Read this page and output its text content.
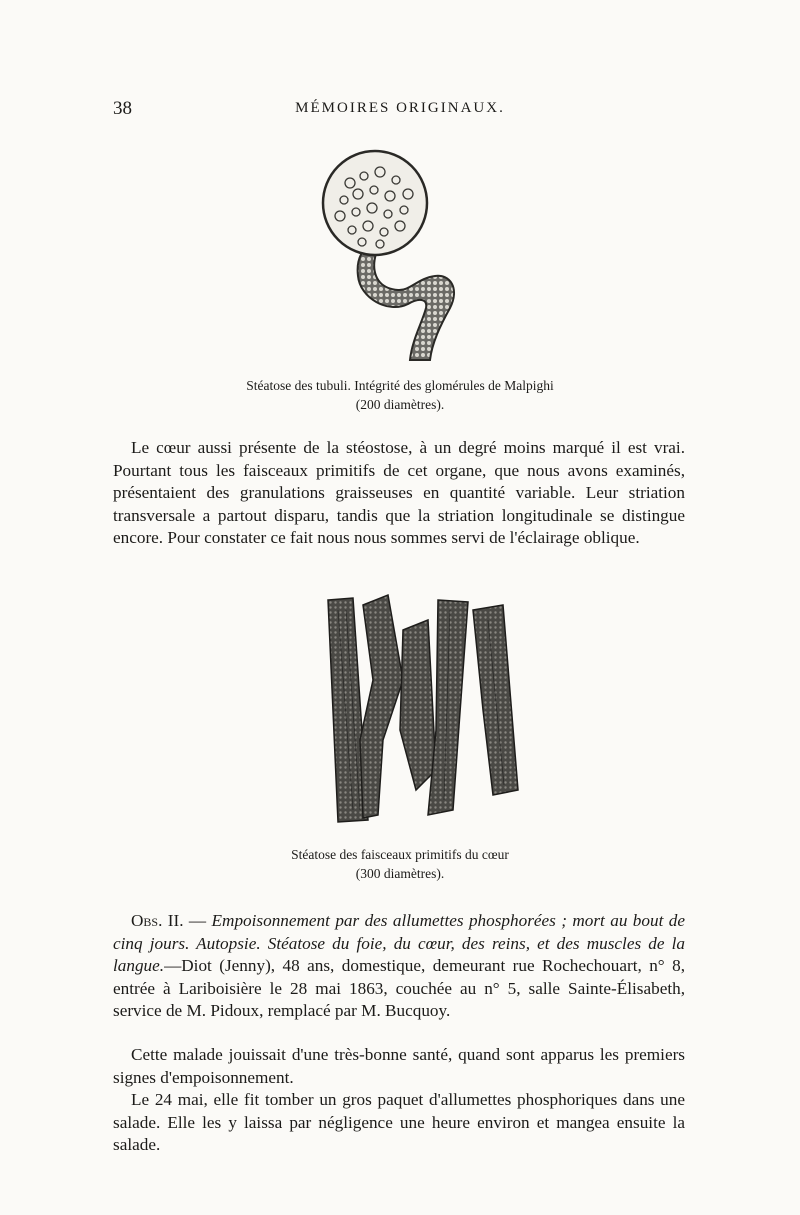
38	MÉMOIRES ORIGINAUX.
Stéatose des tubuli. Intégrité des glomérules de Malpighi
(200 diamètres).

Le cœur aussi présente de la stéostose, à un degré moins marqué il est vrai. Pourtant tous les faisceaux primitifs de cet organe, que nous avons examinés, présentaient des granulations graisseuses en quantité variable. Leur striation transversale a partout disparu, tandis que la striation longitudinale se distingue encore. Pour constater ce fait nous nous sommes servi de l'éclairage oblique.

Stéatose des faisceaux primitifs du cœur
(300 diamètres).

Obs. II. — Empoisonnement par des allumettes phosphorées ; mort au bout de cinq jours. Autopsie. Stéatose du foie, du cœur, des reins, et des muscles de la langue.—Diot (Jenny), 48 ans, domestique, demeurant rue Rochechouart, n° 8, entrée à Lariboisière le 28 mai 1863, couchée au n° 5, salle Sainte-Élisabeth, service de M. Pidoux, remplacé par M. Bucquoy.

Cette malade jouissait d'une très-bonne santé, quand sont apparus les premiers signes d'empoisonnement.

Le 24 mai, elle fit tomber un gros paquet d'allumettes phosphoriques dans une salade. Elle les y laissa par négligence une heure environ et mangea ensuite la salade.
